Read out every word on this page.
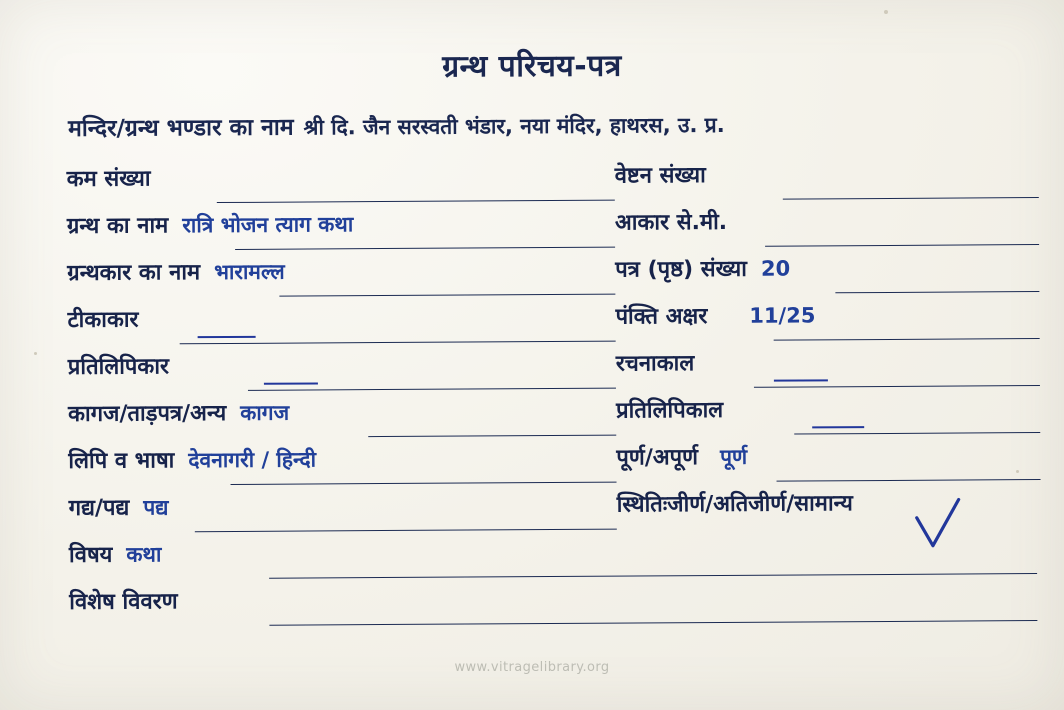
ग्रन्थ परिचय-पत्र
मन्दिर/ग्रन्थ भण्डार का नाम श्री दि. जैन सरस्वती भंडार, नया मंदिर, हाथरस, उ. प्र.
कम संख्या	वेष्टन संख्या
ग्रन्थ का नाम रात्रि भोजन त्याग कथा	आकार से.मी.
ग्रन्थकार का नाम भारामल्ल	पत्र (पृष्ठ) संख्या 20
टीकाकार	पंक्ति अक्षर	11/25
प्रतिलिपिकार	रचनाकाल
कागज/ताड़पत्र/अन्य कागज	प्रतिलिपिकाल
लिपि व भाषा देवनागरी / हिन्दी	पूर्ण/अपूर्ण	पूर्ण
गद्य/पद्य पद्य	स्थितिःजीर्ण/अतिजीर्ण/सामान्य
विषय कथा
विशेष विवरण
www.vitragelibrary.org
